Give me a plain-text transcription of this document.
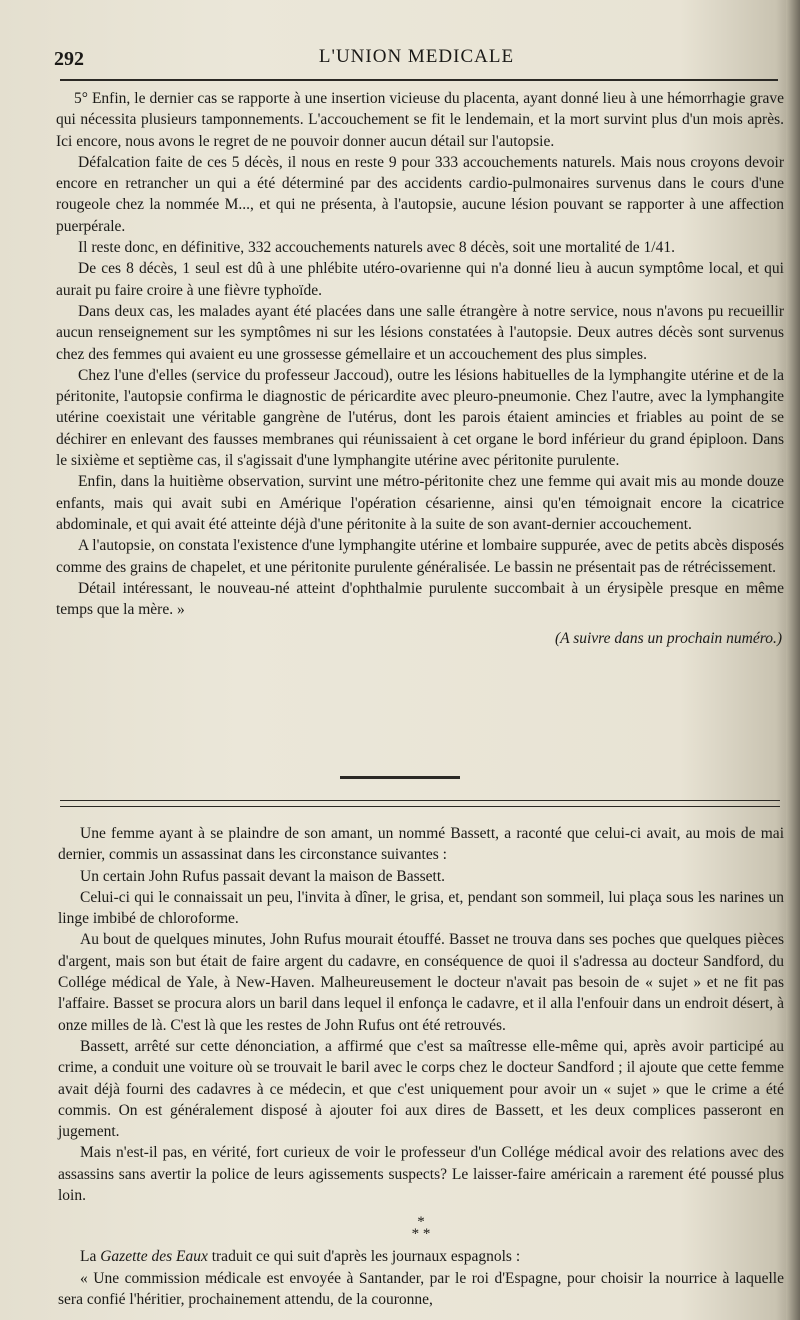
292	L'UNION MEDICALE

5° Enfin, le dernier cas se rapporte à une insertion vicieuse du placenta, ayant donné lieu à une hémorrhagie grave qui nécessita plusieurs tamponnements. L'accouchement se fit le lendemain, et la mort survint plus d'un mois après. Ici encore, nous avons le regret de ne pouvoir donner aucun détail sur l'autopsie.

Défalcation faite de ces 5 décès, il nous en reste 9 pour 333 accouchements naturels. Mais nous croyons devoir encore en retrancher un qui a été déterminé par des accidents cardio-pulmonaires survenus dans le cours d'une rougeole chez la nommée M..., et qui ne présenta, à l'autopsie, aucune lésion pouvant se rapporter à une affection puerpérale.

Il reste donc, en définitive, 332 accouchements naturels avec 8 décès, soit une mortalité de 1/41.

De ces 8 décès, 1 seul est dû à une phlébite utéro-ovarienne qui n'a donné lieu à aucun symptôme local, et qui aurait pu faire croire à une fièvre typhoïde.

Dans deux cas, les malades ayant été placées dans une salle étrangère à notre service, nous n'avons pu recueillir aucun renseignement sur les symptômes ni sur les lésions constatées à l'autopsie. Deux autres décès sont survenus chez des femmes qui avaient eu une grossesse gémellaire et un accouchement des plus simples.

Chez l'une d'elles (service du professeur Jaccoud), outre les lésions habituelles de la lymphangite utérine et de la péritonite, l'autopsie confirma le diagnostic de péricardite avec pleuro-pneumonie. Chez l'autre, avec la lymphangite utérine coexistait une véritable gangrène de l'utérus, dont les parois étaient amincies et friables au point de se déchirer en enlevant des fausses membranes qui réunissaient à cet organe le bord inférieur du grand épiploon. Dans le sixième et septième cas, il s'agissait d'une lymphangite utérine avec péritonite purulente.

Enfin, dans la huitième observation, survint une métro-péritonite chez une femme qui avait mis au monde douze enfants, mais qui avait subi en Amérique l'opération césarienne, ainsi qu'en témoignait encore la cicatrice abdominale, et qui avait été atteinte déjà d'une péritonite à la suite de son avant-dernier accouchement.

A l'autopsie, on constata l'existence d'une lymphangite utérine et lombaire suppurée, avec de petits abcès disposés comme des grains de chapelet, et une péritonite purulente généralisée. Le bassin ne présentait pas de rétrécissement.

Détail intéressant, le nouveau-né atteint d'ophthalmie purulente succombait à un érysipèle presque en même temps que la mère. »

(A suivre dans un prochain numéro.)

Une femme ayant à se plaindre de son amant, un nommé Bassett, a raconté que celui-ci avait, au mois de mai dernier, commis un assassinat dans les circonstance suivantes :

Un certain John Rufus passait devant la maison de Bassett.

Celui-ci qui le connaissait un peu, l'invita à dîner, le grisa, et, pendant son sommeil, lui plaça sous les narines un linge imbibé de chloroforme.

Au bout de quelques minutes, John Rufus mourait étouffé. Basset ne trouva dans ses poches que quelques pièces d'argent, mais son but était de faire argent du cadavre, en conséquence de quoi il s'adressa au docteur Sandford, du Collége médical de Yale, à New-Haven. Malheureusement le docteur n'avait pas besoin de « sujet » et ne fit pas l'affaire. Basset se procura alors un baril dans lequel il enfonça le cadavre, et il alla l'enfouir dans un endroit désert, à onze milles de là. C'est là que les restes de John Rufus ont été retrouvés.

Bassett, arrêté sur cette dénonciation, a affirmé que c'est sa maîtresse elle-même qui, après avoir participé au crime, a conduit une voiture où se trouvait le baril avec le corps chez le docteur Sandford ; il ajoute que cette femme avait déjà fourni des cadavres à ce médecin, et que c'est uniquement pour avoir un « sujet » que le crime a été commis. On est généralement disposé à ajouter foi aux dires de Bassett, et les deux complices passeront en jugement.

Mais n'est-il pas, en vérité, fort curieux de voir le professeur d'un Collége médical avoir des relations avec des assassins sans avertir la police de leurs agissements suspects? Le laisser-faire américain a rarement été poussé plus loin.

*
* *

La Gazette des Eaux traduit ce qui suit d'après les journaux espagnols :

« Une commission médicale est envoyée à Santander, par le roi d'Espagne, pour choisir la nourrice à laquelle sera confié l'héritier, prochainement attendu, de la couronne,
